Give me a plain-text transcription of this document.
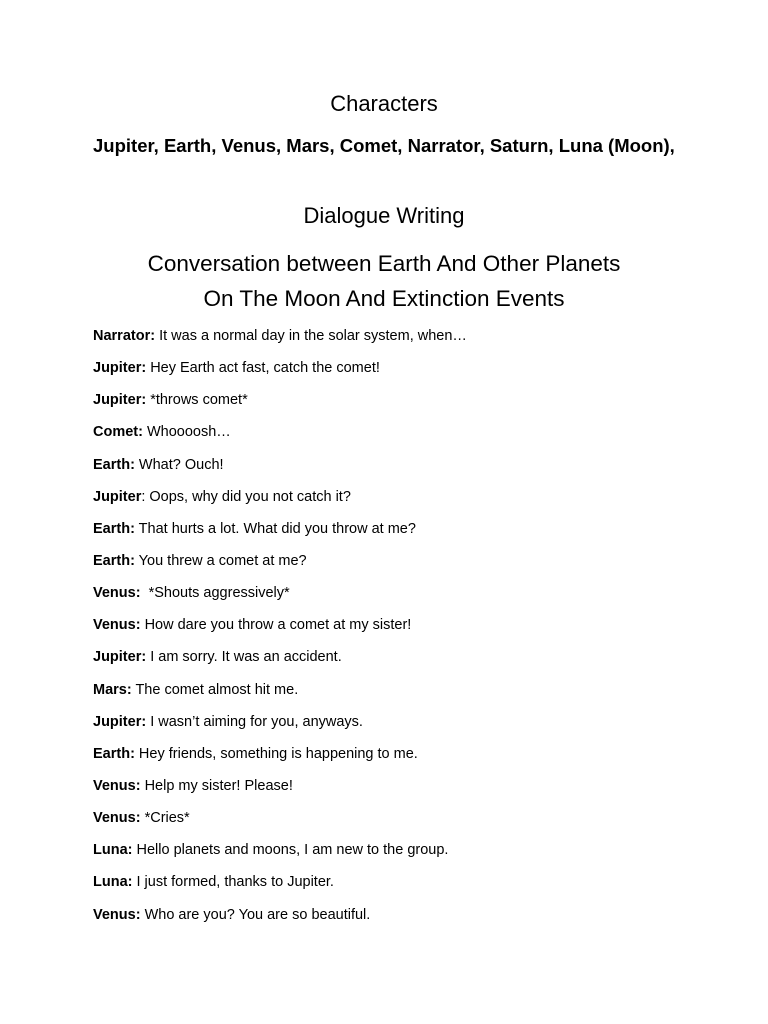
Characters

Jupiter, Earth, Venus, Mars, Comet, Narrator, Saturn, Luna (Moon),

Dialogue Writing
Conversation between Earth And Other Planets
On The Moon And Extinction Events
Narrator: It was a normal day in the solar system, when…
Jupiter: Hey Earth act fast, catch the comet!
Jupiter: *throws comet*
Comet: Whoooosh…
Earth: What? Ouch!
Jupiter: Oops, why did you not catch it?
Earth: That hurts a lot. What did you throw at me?
Earth: You threw a comet at me?
Venus:  *Shouts aggressively*
Venus: How dare you throw a comet at my sister!
Jupiter: I am sorry. It was an accident.
Mars: The comet almost hit me.
Jupiter: I wasn’t aiming for you, anyways.
Earth: Hey friends, something is happening to me.
Venus: Help my sister! Please!
Venus: *Cries*
Luna: Hello planets and moons, I am new to the group.
Luna: I just formed, thanks to Jupiter.
Venus: Who are you? You are so beautiful.
